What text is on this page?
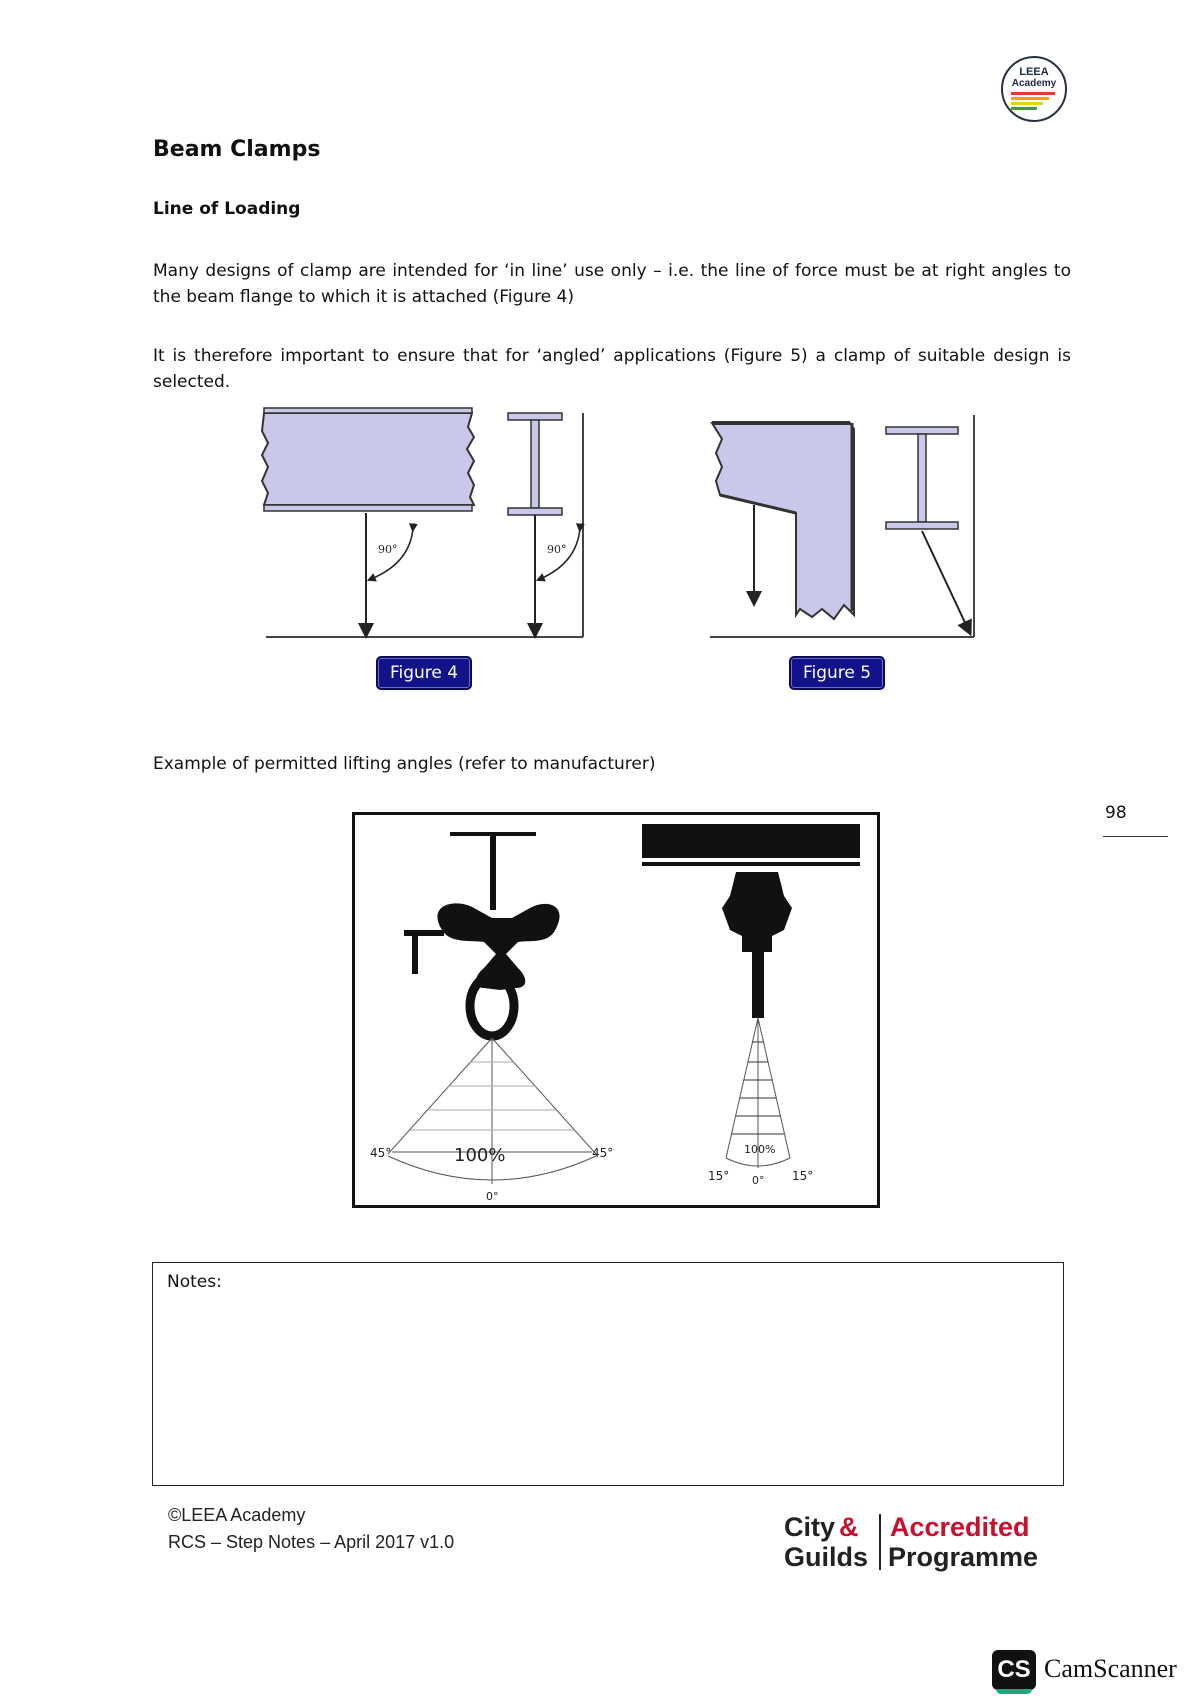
LEEA
Academy
Beam Clamps
Line of Loading
Many designs of clamp are intended for ‘in line’ use only – i.e. the line of force must be at right angles to the beam flange to which it is attached (Figure 4)
It is therefore important to ensure that for ‘angled’ applications (Figure 5) a clamp of suitable design is selected.
90°	90°
Figure 4	Figure 5
Example of permitted lifting angles (refer to manufacturer)
98
100%
45°	45°
0°
100%
15°	15°
0°
Notes:
©LEEA Academy
RCS – Step Notes – April 2017 v1.0	City &
Guilds
Accredited
Programme
CS CamScanner
